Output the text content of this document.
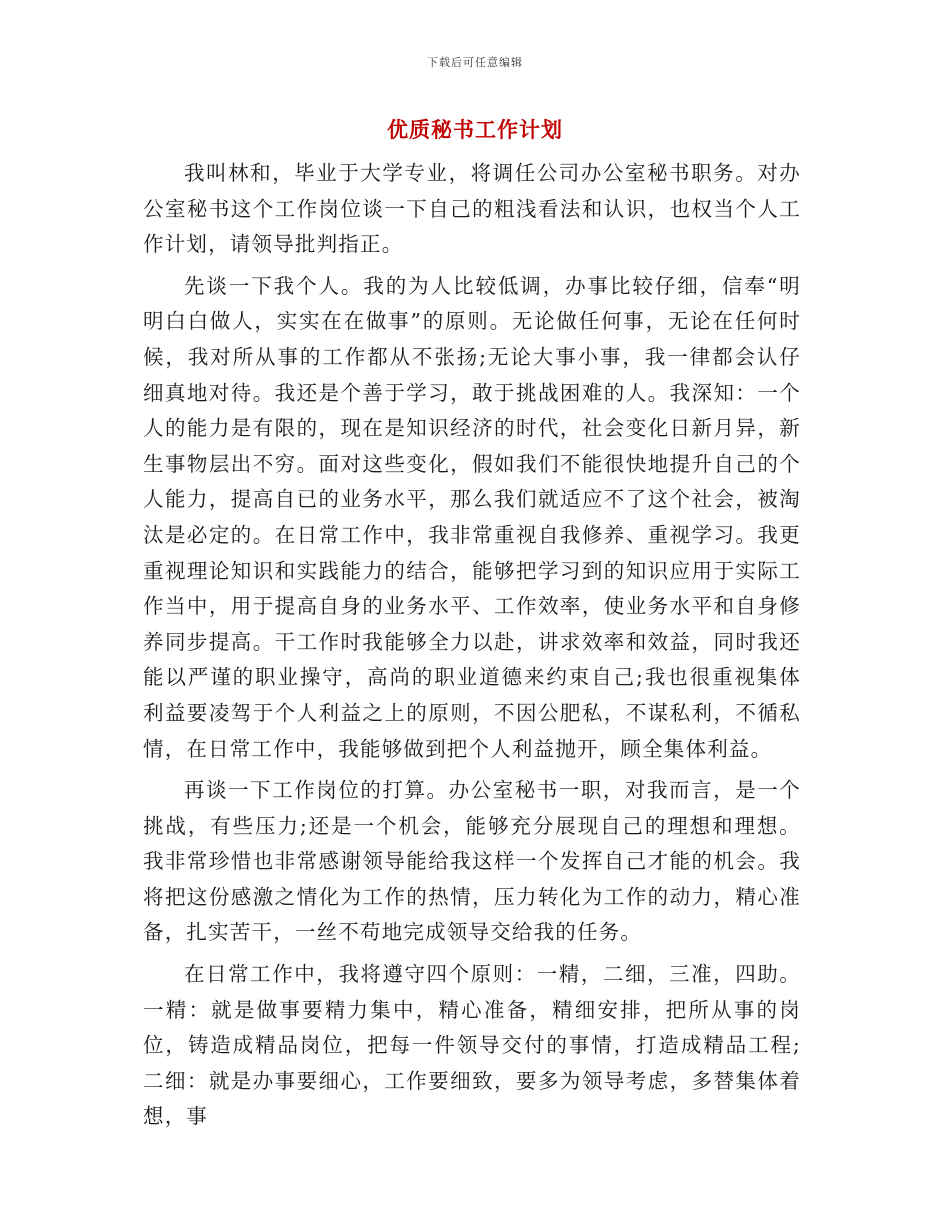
下载后可任意编辑
优质秘书工作计划

我叫林和，毕业于大学专业，将调任公司办公室秘书职务。对办公室秘书这个工作岗位谈一下自己的粗浅看法和认识，也权当个人工作计划，请领导批判指正。

先谈一下我个人。我的为人比较低调，办事比较仔细，信奉“明明白白做人，实实在在做事”的原则。无论做任何事，无论在任何时候，我对所从事的工作都从不张扬;无论大事小事，我一律都会认仔细真地对待。我还是个善于学习，敢于挑战困难的人。我深知：一个人的能力是有限的，现在是知识经济的时代，社会变化日新月异，新生事物层出不穷。面对这些变化，假如我们不能很快地提升自己的个人能力，提高自已的业务水平，那么我们就适应不了这个社会，被淘汰是必定的。在日常工作中，我非常重视自我修养、重视学习。我更重视理论知识和实践能力的结合，能够把学习到的知识应用于实际工作当中，用于提高自身的业务水平、工作效率，使业务水平和自身修养同步提高。干工作时我能够全力以赴，讲求效率和效益，同时我还能以严谨的职业操守，高尚的职业道德来约束自己;我也很重视集体利益要凌驾于个人利益之上的原则，不因公肥私，不谋私利，不循私情，在日常工作中，我能够做到把个人利益抛开，顾全集体利益。

再谈一下工作岗位的打算。办公室秘书一职，对我而言，是一个挑战，有些压力;还是一个机会，能够充分展现自己的理想和理想。我非常珍惜也非常感谢领导能给我这样一个发挥自己才能的机会。我将把这份感激之情化为工作的热情，压力转化为工作的动力，精心准备，扎实苦干，一丝不苟地完成领导交给我的任务。

在日常工作中，我将遵守四个原则：一精，二细，三准，四助。一精：就是做事要精力集中，精心准备，精细安排，把所从事的岗位，铸造成精品岗位，把每一件领导交付的事情，打造成精品工程;二细：就是办事要细心，工作要细致，要多为领导考虑，多替集体着想，事
